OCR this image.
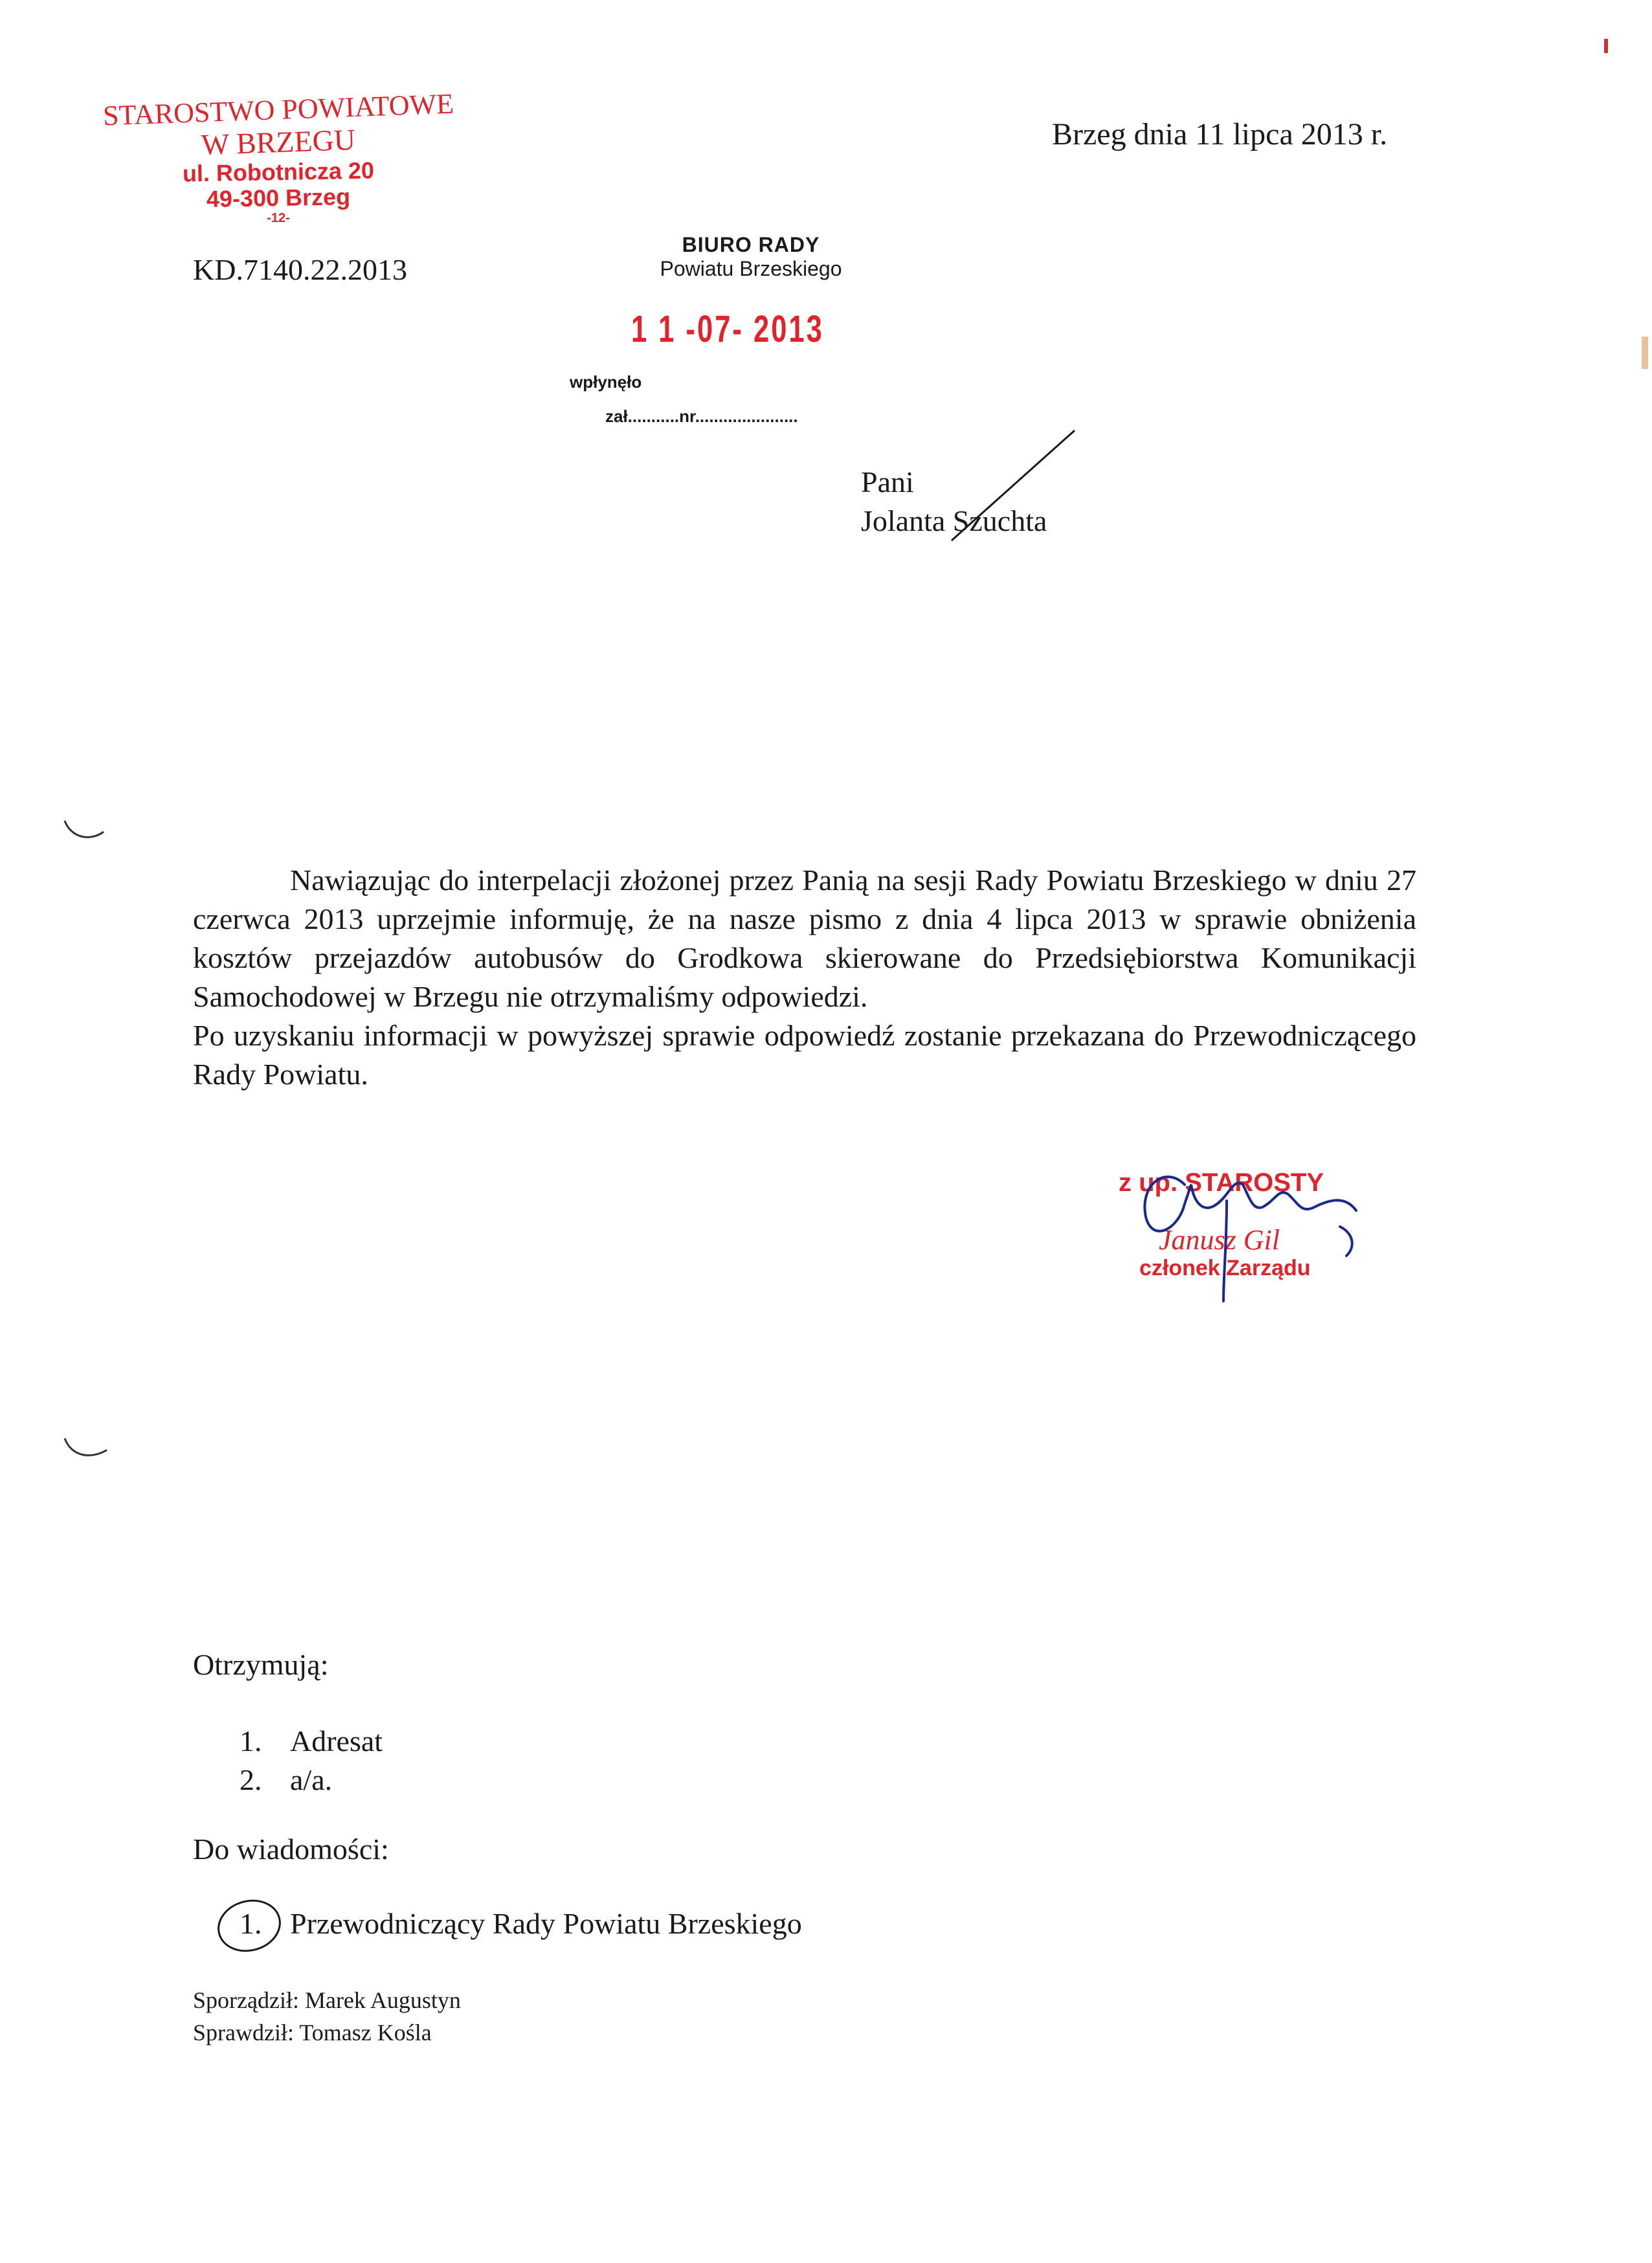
STAROSTWO POWIATOWE
W BRZEGU
ul. Robotnicza 20
49-300 Brzeg
-12-
Brzeg dnia 11 lipca 2013 r.
KD.7140.22.2013
BIURO RADY
Powiatu Brzeskiego
1 1 -07- 2013
wpłynęło
zał...........nr......................
Pani
Jolanta Szuchta

Nawiązując do interpelacji złożonej przez Panią na sesji Rady Powiatu Brzeskiego w dniu 27 czerwca 2013 uprzejmie informuję, że na nasze pismo z dnia 4 lipca 2013 w sprawie obniżenia kosztów przejazdów autobusów do Grodkowa skierowane do Przedsiębiorstwa Komunikacji Samochodowej w Brzegu nie otrzymaliśmy odpowiedzi.

Po uzyskaniu informacji w powyższej sprawie odpowiedź zostanie przekazana do Przewodniczącego Rady Powiatu.

z up. STAROSTY
Janusz Gil
członek Zarządu
Otrzymują:
1. Adresat
2. a/a.
Do wiadomości:
1. Przewodniczący Rady Powiatu Brzeskiego
Sporządził: Marek Augustyn
Sprawdził: Tomasz Kośla
